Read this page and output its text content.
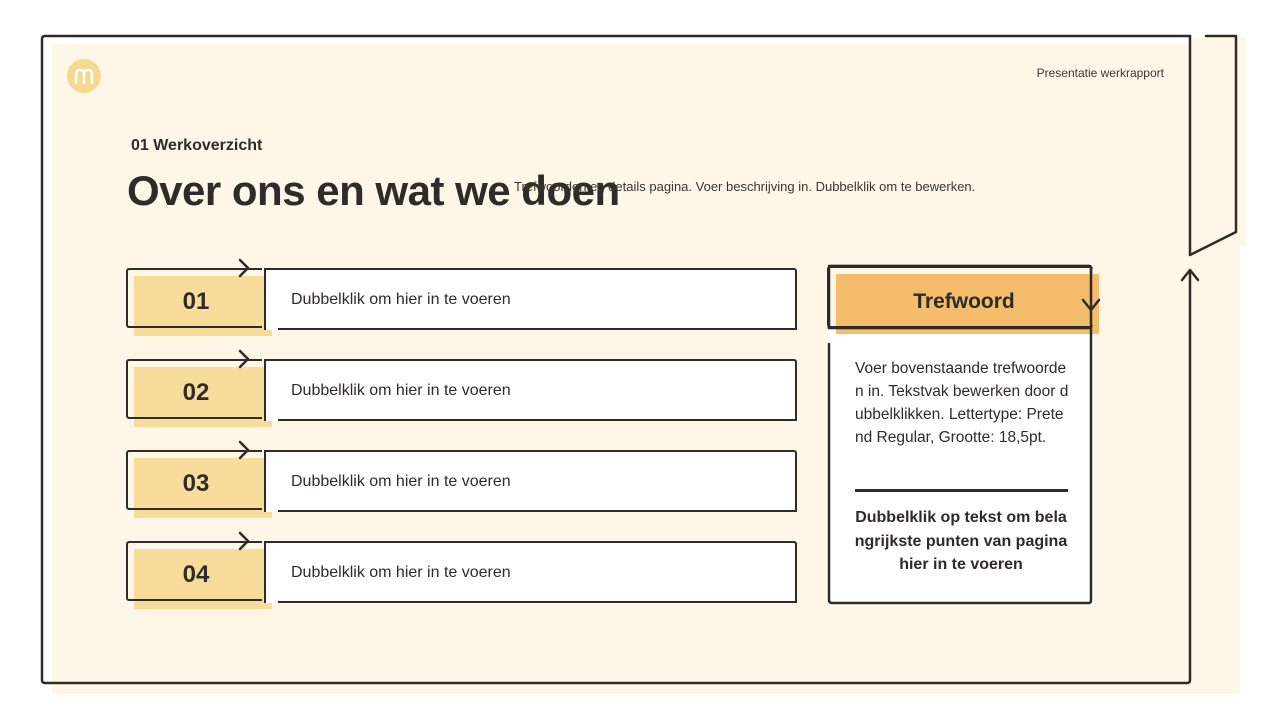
Presentatie werkrapport
01 Werkoverzicht
Over ons en wat we doen
Trefwoorden en details pagina. Voer beschrijving in. Dubbelklik om te bewerken.
01	Dubbelklik om hier in te voeren
02	Dubbelklik om hier in te voeren
03	Dubbelklik om hier in te voeren
04	Dubbelklik om hier in te voeren
Trefwoord
Voer bovenstaande trefwoorden in. Tekstvak bewerken door dubbelklikken. Lettertype: Pretend Regular, Grootte: 18,5pt.
Dubbelklik op tekst om belangrijkste punten van pagina hier in te voeren
